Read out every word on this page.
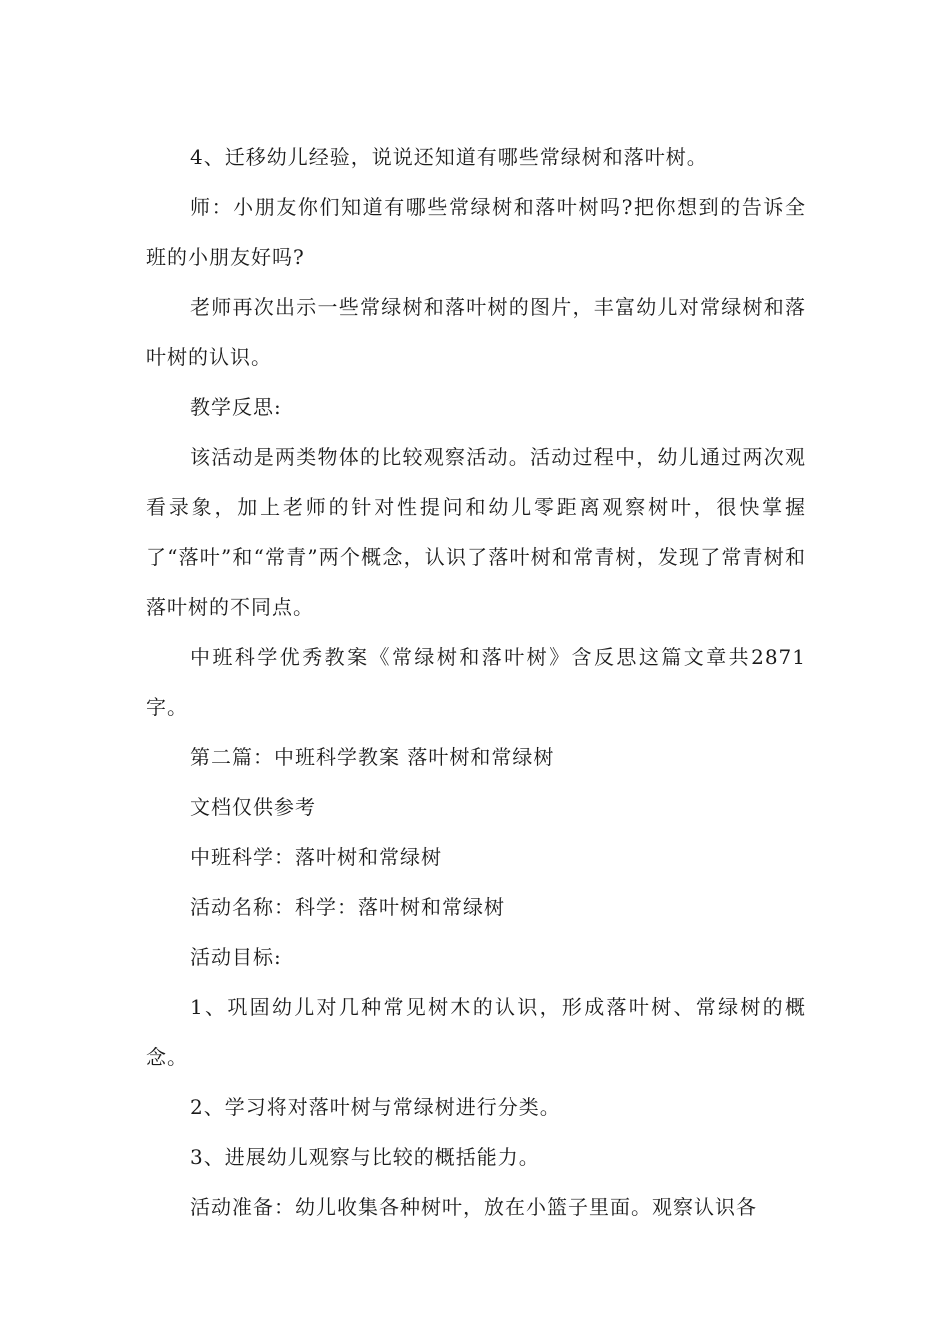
4、迁移幼儿经验，说说还知道有哪些常绿树和落叶树。

师：小朋友你们知道有哪些常绿树和落叶树吗?把你想到的告诉全班的小朋友好吗?

老师再次出示一些常绿树和落叶树的图片，丰富幼儿对常绿树和落叶树的认识。

教学反思:

该活动是两类物体的比较观察活动。活动过程中，幼儿通过两次观看录象，加上老师的针对性提问和幼儿零距离观察树叶，很快掌握了“落叶”和“常青”两个概念，认识了落叶树和常青树，发现了常青树和落叶树的不同点。

中班科学优秀教案《常绿树和落叶树》含反思这篇文章共2871字。

第二篇：中班科学教案 落叶树和常绿树

文档仅供参考

中班科学：落叶树和常绿树

活动名称：科学：落叶树和常绿树

活动目标:

1、巩固幼儿对几种常见树木的认识，形成落叶树、常绿树的概念。

2、学习将对落叶树与常绿树进行分类。

3、进展幼儿观察与比较的概括能力。

活动准备：幼儿收集各种树叶，放在小篮子里面。观察认识各
